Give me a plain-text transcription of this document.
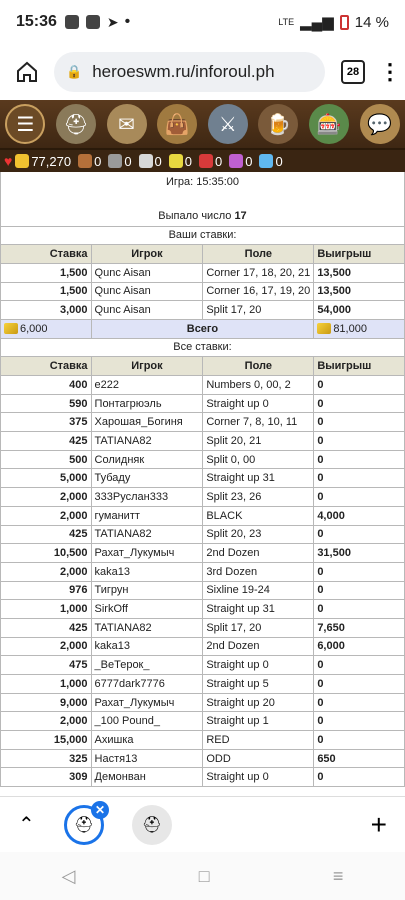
15:36	➤ •	LTE ▂▄▆ 14 %
🔒 heroeswm.ru/inforoul.ph	28 ⋮
☰	⛑	✉	👜	⚔	🍺	🎰	💬
♥ 77,270 0 0 0 0 0 0 0
Игра: 15:35:00			

Выпало число 17			
Ваши ставки:			
Ставка	Игрок	Поле	Выигрыш
1,500	Qunc Aisan	Corner 17, 18, 20, 21	13,500
1,500	Qunc Aisan	Corner 16, 17, 19, 20	13,500
3,000	Qunc Aisan	Split 17, 20	54,000
6,000	Всего		81,000
Все ставки:			
Ставка	Игрок	Поле	Выигрыш
400	e222	Numbers 0, 00, 2	0
590	Понтагрюэль	Straight up 0	0
375	Харошая_Богиня	Corner 7, 8, 10, 11	0
425	TATIANA82	Split 20, 21	0
500	Солидняк	Split 0, 00	0
5,000	Тубаду	Straight up 31	0
2,000	333Руслан333	Split 23, 26	0
2,000	гуманитт	BLACK	4,000
425	TATIANA82	Split 20, 23	0
10,500	Рахат_Лукумыч	2nd Dozen	31,500
2,000	kaka13	3rd Dozen	0
976	Тигрун	Sixline 19-24	0
1,000	SirkOff	Straight up 31	0
425	TATIANA82	Split 17, 20	7,650
2,000	kaka13	2nd Dozen	6,000
475	_ВеТерок_	Straight up 0	0
1,000	6777dark7776	Straight up 5	0
9,000	Рахат_Лукумыч	Straight up 20	0
2,000	_100 Pound_	Straight up 1	0
15,000	Ахишка	RED	0
325	Настя13	ODD	650
309	Демонван	Straight up 0	0
⌃	⛑
✕
⛑	+
◁	□	≡
